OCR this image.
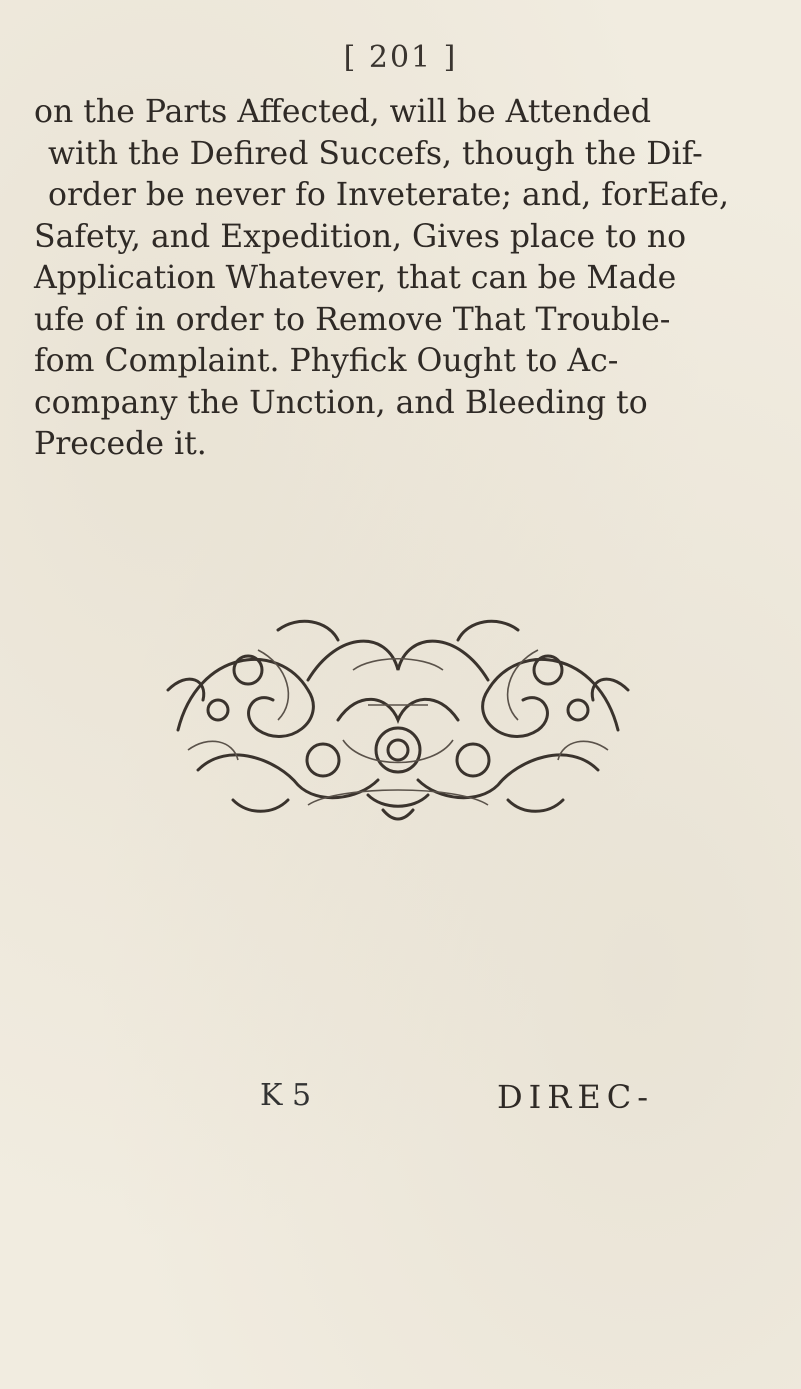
[ 201 ]

on the Parts Affected, will be Attended
with the Defired Succefs, though the Dif-
order be never fo Inveterate; and, forEafe,
Safety, and Expedition, Gives place to no
Application Whatever, that can be Made
ufe of in order to Remove That Trouble-
fom Complaint. Phyfick Ought to Ac-
company the Unction, and Bleeding to
Precede it.

K 5	DIREC-
